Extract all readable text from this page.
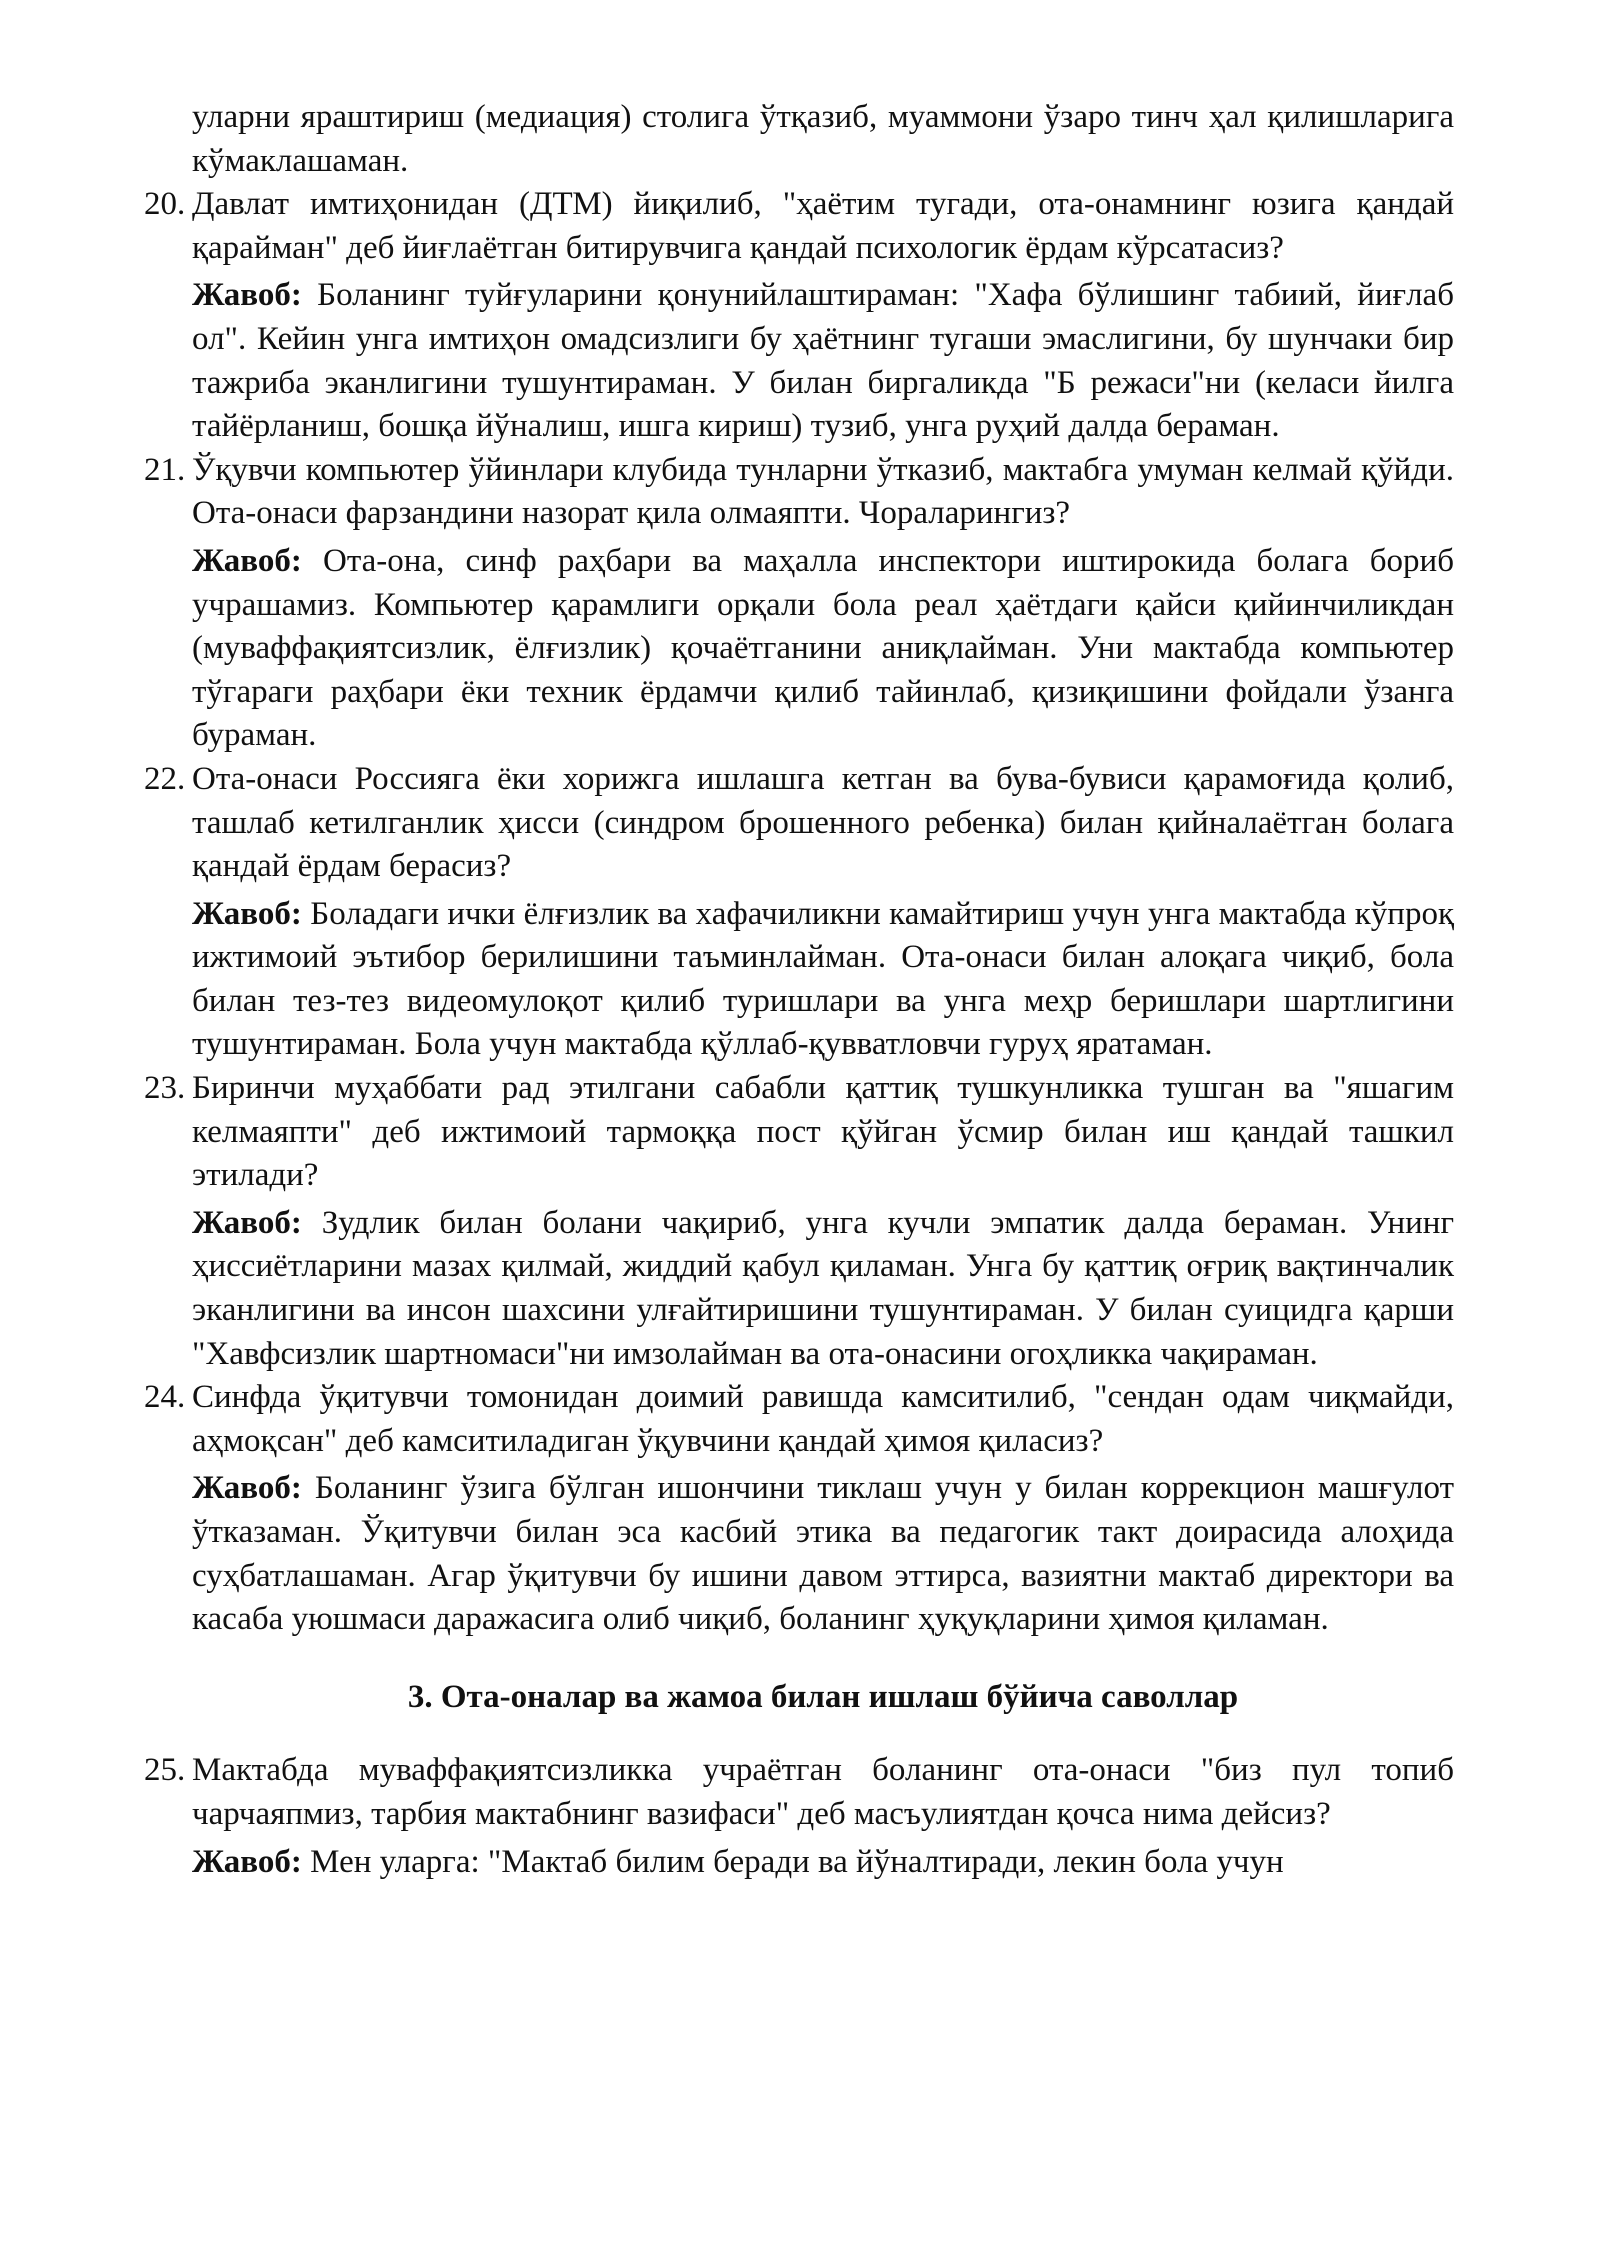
уларни яраштириш (медиация) столига ўтқазиб, муаммони ўзаро тинч ҳал қилишларига кўмаклашаман.

20. Давлат имтиҳонидан (ДТМ) йиқилиб, "ҳаётим тугади, ота-онамнинг юзига қандай қарайман" деб йиғлаётган битирувчига қандай психологик ёрдам кўрсатасиз?

Жавоб: Боланинг туйғуларини қонунийлаштираман: "Хафа бўлишинг табиий, йиғлаб ол". Кейин унга имтиҳон омадсизлиги бу ҳаётнинг тугаши эмаслигини, бу шунчаки бир тажриба эканлигини тушунтираман. У билан биргаликда "Б режаси"ни (келаси йилга тайёрланиш, бошқа йўналиш, ишга кириш) тузиб, унга руҳий далда бераман.

21. Ўқувчи компьютер ўйинлари клубида тунларни ўтказиб, мактабга умуман келмай қўйди. Ота-онаси фарзандини назорат қила олмаяпти. Чораларингиз?

Жавоб: Ота-она, синф раҳбари ва маҳалла инспектори иштирокида болага бориб учрашамиз. Компьютер қарамлиги орқали бола реал ҳаётдаги қайси қийинчиликдан (муваффақиятсизлик, ёлғизлик) қочаётганини аниқлайман. Уни мактабда компьютер тўгараги раҳбари ёки техник ёрдамчи қилиб тайинлаб, қизиқишини фойдали ўзанга бураман.

22. Ота-онаси Россияга ёки хорижга ишлашга кетган ва бува-бувиси қарамоғида қолиб, ташлаб кетилганлик ҳисси (синдром брошенного ребенка) билан қийналаётган болага қандай ёрдам берасиз?

Жавоб: Боладаги ички ёлғизлик ва хафачиликни камайтириш учун унга мактабда кўпроқ ижтимоий эътибор берилишини таъминлайман. Ота-онаси билан алоқага чиқиб, бола билан тез-тез видеомулоқот қилиб туришлари ва унга меҳр беришлари шартлигини тушунтираман. Бола учун мактабда қўллаб-қувватловчи гуруҳ яратаман.

23. Биринчи муҳаббати рад этилгани сабабли қаттиқ тушкунликка тушган ва "яшагим келмаяпти" деб ижтимоий тармоққа пост қўйган ўсмир билан иш қандай ташкил этилади?

Жавоб: Зудлик билан болани чақириб, унга кучли эмпатик далда бераман. Унинг ҳиссиётларини мазах қилмай, жиддий қабул қиламан. Унга бу қаттиқ оғриқ вақтинчалик эканлигини ва инсон шахсини улғайтиришини тушунтираман. У билан суицидга қарши "Хавфсизлик шартномаси"ни имзолайман ва ота-онасини огоҳликка чақираман.

24. Синфда ўқитувчи томонидан доимий равишда камситилиб, "сендан одам чиқмайди, аҳмоқсан" деб камситиладиган ўқувчини қандай ҳимоя қиласиз?

Жавоб: Боланинг ўзига бўлган ишончини тиклаш учун у билан коррекцион машғулот ўтказаман. Ўқитувчи билан эса касбий этика ва педагогик такт доирасида алоҳида суҳбатлашаман. Агар ўқитувчи бу ишини давом эттирса, вазиятни мактаб директори ва касаба уюшмаси даражасига олиб чиқиб, боланинг ҳуқуқларини ҳимоя қиламан.

3. Ота-оналар ва жамоа билан ишлаш бўйича саволлар
25. Мактабда муваффақиятсизликка учраётган боланинг ота-онаси "биз пул топиб чарчаяпмиз, тарбия мактабнинг вазифаси" деб масъулиятдан қочса нима дейсиз?

Жавоб: Мен уларга: "Мактаб билим беради ва йўналтиради, лекин бола учун
